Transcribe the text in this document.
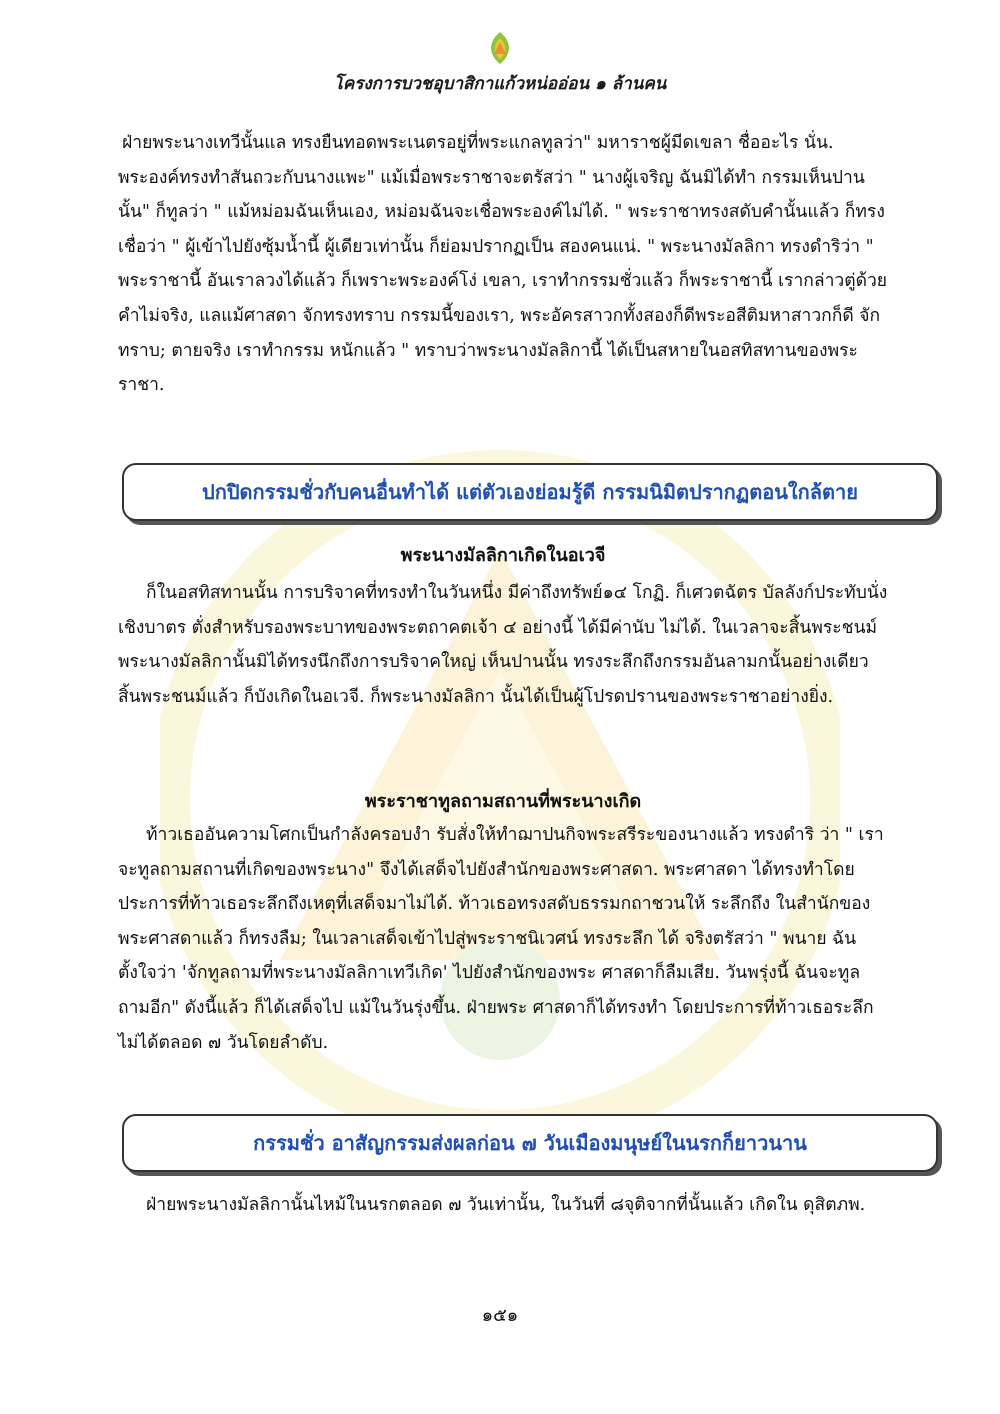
โครงการบวชอุบาสิกาแก้วหน่ออ่อน ๑ ล้านคน

ฝ่ายพระนางเทวีนั้นแล ทรงยืนทอดพระเนตรอยู่ที่พระแกลทูลว่า" มหาราชผู้มีดเขลา ชื่ออะไร นั่น. พระองค์ทรงทำสันถวะกับนางแพะ" แม้เมื่อพระราชาจะตรัสว่า " นางผู้เจริญ ฉันมิได้ทำ กรรมเห็นปานนั้น" ก็ทูลว่า " แม้หม่อมฉันเห็นเอง, หม่อมฉันจะเชื่อพระองค์ไม่ได้. " พระราชาทรงสดับคำนั้นแล้ว ก็ทรงเชื่อว่า " ผู้เข้าไปยังซุ้มน้ำนี้ ผู้เดียวเท่านั้น ก็ย่อมปรากฏเป็น สองคนแน่. " พระนางมัลลิกา ทรงดำริว่า " พระราชานี้ อันเราลวงได้แล้ว ก็เพราะพระองค์โง่ เขลา, เราทำกรรมชั่วแล้ว ก็พระราชานี้ เรากล่าวตู่ด้วยคำไม่จริง, แลแม้ศาสดา จักทรงทราบ กรรมนี้ของเรา, พระอัครสาวกทั้งสองก็ดีพระอสีติมหาสาวกก็ดี จักทราบ; ตายจริง เราทำกรรม หนักแล้ว " ทราบว่าพระนางมัลลิกานี้ ได้เป็นสหายในอสทิสทานของพระราชา.

ปกปิดกรรมชั่วกับคนอื่นทำได้ แต่ตัวเองย่อมรู้ดี กรรมนิมิตปรากฏตอนใกล้ตาย
พระนางมัลลิกาเกิดในอเวจี

ก็ในอสทิสทานนั้น การบริจาคที่ทรงทำในวันหนึ่ง มีค่าถึงทรัพย์๑๔ โกฏิ. ก็เศวตฉัตร บัลลังก์ประทับนั่ง เชิงบาตร ตั่งสำหรับรองพระบาทของพระตถาคตเจ้า ๔ อย่างนี้ ได้มีค่านับ ไม่ได้. ในเวลาจะสิ้นพระชนม์ พระนางมัลลิกานั้นมิได้ทรงนึกถึงการบริจาคใหญ่ เห็นปานนั้น ทรงระลึกถึงกรรมอันลามกนั้นอย่างเดียว สิ้นพระชนม์แล้ว ก็บังเกิดในอเวจี. ก็พระนางมัลลิกา นั้นได้เป็นผู้โปรดปรานของพระราชาอย่างยิ่ง.

พระราชาทูลถามสถานที่พระนางเกิด

ท้าวเธออันความโศกเป็นกำลังครอบงำ รับสั่งให้ทำฌาปนกิจพระสรีระของนางแล้ว ทรงดำริ ว่า " เราจะทูลถามสถานที่เกิดของพระนาง" จึงได้เสด็จไปยังสำนักของพระศาสดา. พระศาสดา ได้ทรงทำโดยประการที่ท้าวเธอระลึกถึงเหตุที่เสด็จมาไม่ได้. ท้าวเธอทรงสดับธรรมกถาชวนให้ ระลึกถึง ในสำนักของพระศาสดาแล้ว ก็ทรงลืม; ในเวลาเสด็จเข้าไปสู่พระราชนิเวศน์ ทรงระลึก ได้ จริงตรัสว่า " พนาย ฉันตั้งใจว่า 'จักทูลถามที่พระนางมัลลิกาเทวีเกิด' ไปยังสำนักของพระ ศาสดาก็ลืมเสีย. วันพรุ่งนี้ ฉันจะทูลถามอีก" ดังนี้แล้ว ก็ได้เสด็จไป แม้ในวันรุ่งขึ้น. ฝ่ายพระ ศาสดาก็ได้ทรงทำ โดยประการที่ท้าวเธอระลึกไม่ได้ตลอด ๗ วันโดยลำดับ.

กรรมชั่ว อาสัญกรรมส่งผลก่อน ๗ วันเมืองมนุษย์ในนรกก็ยาวนาน

ฝ่ายพระนางมัลลิกานั้นไหม้ในนรกตลอด ๗ วันเท่านั้น, ในวันที่ ๘จุติจากที่นั้นแล้ว เกิดใน ดุสิตภพ.

๑๕๑
